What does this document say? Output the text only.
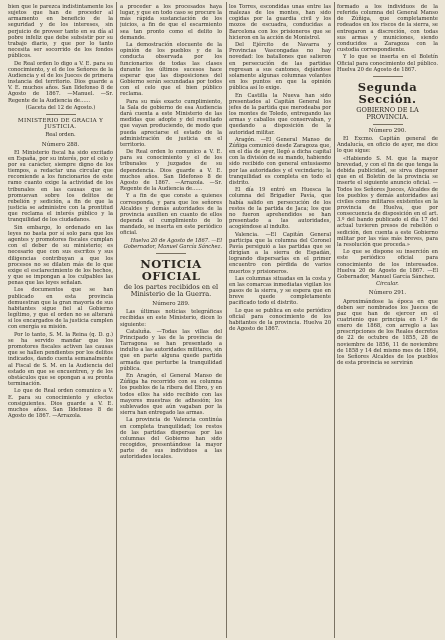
bien que le parezca indistintamente los sujetos que han de proceder al armamento en beneficio de la seguridad y de los intereses, sin perjuicio de proveer tanto en su día al pobre infeliz que debe subsistir por su trabajo diario, y que por lo tanto necesita ser socorrido de los fondos públicos.

De Real orden lo digo a V. E. para su conocimiento, y el de los Señores de la Audiencia y el de los Jueces de primera instancia del territorio. Dios guarde a V. E. muchos años. San Ildefonso 8 de Agosto de 1867. —Manuel. —Sr. Regente de la Audiencia de......

(Gaceta del 12 de Agosto.)

MINISTERIO DE GRACIA Y JUSTICIA.

Real orden.

Número 288.

El Ministerio fiscal ha sido excitado en España, por su interés, por el celo y por su carácter, siempre digno de los tiempos, a redactar una circular que recomiende a los funcionarios de este ramo cuanto exige la actividad de los tribunales en las causas que se promuevan sobre los delitos de rebelión y sedición, a fin de que la justicia se administre con la prontitud que reclama el interés público y la tranquilidad de los ciudadanos.

Sin embargo, lo ordenado en las leyes no basta por sí solo para que los agentes y promotores fiscales cumplan con el deber de su ministerio; es necesario que con sus escritos y sus diligencias contribuyan a que los procesos no se dilaten más de lo que exige el esclarecimiento de los hechos, y que se impongan a los culpables las penas que las leyes señalan.

Los documentos que se han publicado en esta provincia demuestran que la gran mayoría de sus habitantes sigue fiel al Gobierno legítimo, y que el orden no se alterará si los encargados de la justicia cumplen con energía su misión.

Por lo tanto, S. M. la Reina (q. D. g.) se ha servido mandar que los promotores fiscales activen las causas que se hallen pendientes por los delitos indicados, dando cuenta semanalmente al Fiscal de S. M. en la Audiencia del estado en que se encuentren, y de los obstáculos que se opongan a su pronta terminación.

Lo que de Real orden comunico a V. E. para su conocimiento y efectos consiguientes. Dios guarde a V. E. muchos años. San Ildefonso 8 de Agosto de 1867. —Arrazola.

a proceder a los procesados haya lugar, y que en todo caso se procure la más rápida sustanciación de los juicios, a fin de que el escarmiento sea tan pronto como el delito lo demande.

La demostración elocuente de la opinión de los pueblos y de la conducta observada por los funcionarios de todas las clases durante los últimos sucesos hace esperar que las disposiciones del Gobierno serán secundadas por todos con el celo que el bien público reclama.

Para su más exacto cumplimiento, la Sala de gobierno de esa Audiencia dará cuenta a este Ministerio de las medidas que adopte y del resultado que vayan produciendo, de modo que pueda apreciarse el estado de la administración de justicia en el territorio.

De Real orden lo comunico a V. E. para su conocimiento y el de los tribunales y juzgados de su dependencia. Dios guarde a V. E. muchos años. San Ildefonso 8 de Agosto de 1867. —Arrazola. —Sr. Regente de la Audiencia de......

Y a fin de que conste a quienes corresponda, y para que los señores Alcaldes y demás autoridades de la provincia auxilien en cuanto de ellos dependa el cumplimiento de lo mandado, se inserta en este periódico oficial.

Huelva 20 de Agosto de 1867. —El Gobernador, Manuel García Sánchez.

NOTICIA OFICIAL

de los partes recibidos en el Ministerio de la Guerra.

Número 289.

Las últimas noticias telegráficas recibidas en este Ministerio, dicen lo siguiente:

Cataluña. —Todas las villas del Principado y las de la provincia de Tarragona se han presentado a indulto a las autoridades militares, sin que en parte alguna quede partida armada que perturbe la tranquilidad pública.

En Aragón, el General Manso de Zúñiga ha recorrido con su columna los pueblos de la ribera del Ebro, y en todos ellos ha sido recibido con las mayores muestras de adhesión; los sublevados que aún vagaban por la sierra han entregado las armas.

La provincia de Valencia continúa en completa tranquilidad; los restos de las partidas dispersas por las columnas del Gobierno han sido recogidos, presentándose la mayor parte de sus individuos a las autoridades locales.

los Torres, escondidas unas entre las malezas de los montes, han sido cogidas por la guardia civil y los mozos de escuadra, conducidas a Barcelona con los prisioneros que se hicieron en la acción de Monistrol.

Del Ejército de Navarra y Provincias Vascongadas no hay novedad: los batallones que salieron en persecución de las partidas regresan a sus cantones, dejándose solamente algunas columnas volantes en los puntos en que la opinión pública así lo exige.

En Castilla la Nueva han sido presentados al Capitán General los jefes de la partida que merodeaba por los montes de Toledo, entregando las armas y caballos que conservaban, y quedando a disposición de la autoridad militar.

Aragón. —El General Manso de Zúñiga comunicó desde Zaragoza que, en el día de ayer, llegó a dicha capital con la división de su mando, habiendo sido recibido con general entusiasmo por las autoridades y el vecindario; la tranquilidad es completa en todo el distrito.

El día 19 entró en Huesca la columna del Brigadier Pavía, que había salido en persecución de los restos de la partida de Jaca; los que no fueron aprehendidos se han presentado a las autoridades, acogiéndose al indulto.

Valencia. —El Capitán General participa que la columna del Coronel Pavía persiguió a las partidas que se dirigían a la sierra de Espadán, logrando dispersarlas en el primer encuentro con pérdida de varios muertos y prisioneros.

Las columnas situadas en la costa y en las comarcas inmediatas vigilan los pasos de la sierra, y se espera que en breve quede completamente pacificado todo el distrito.

Lo que se publica en este periódico oficial para conocimiento de los habitantes de la provincia. Huelva 20 de Agosto de 1867.

formado a los individuos de la referida columna del General Manso de Zúñiga, que completamente rodeados en los riscos de la sierra, se entregaron a discreción, con todas sus armas y municiones, siendo conducidos a Zaragoza con la custodia correspondiente.

Y lo que se inserta en el Boletín Oficial para conocimiento del público. Huelva 20 de Agosto de 1867.

Segunda Sección.

GOBIERNO DE LA PROVINCIA.

Número 290.

El Excmo. Capitán general de Andalucía, en oficio de ayer, me dice lo que sigue:

«Habiendo S. M. que la mayor brevedad, y con el fin de que tenga la debida publicidad, se sirva disponer que en el Boletín de la provincia se inserte el siguiente anuncio oficial. —Todos los Señores Jueces, Alcaldes de los pueblos y demás autoridades así civiles como militares existentes en la provincia de Huelva, que por consecuencia de disposición en el art. 3.º del bando publicado el día 17 del actual tuvieren presos de rebelión o sedición, den cuenta a este Gobierno militar por las vías más breves, para la resolución que proceda.»

Lo que se dispone su inserción en este periódico oficial para conocimiento de los interesados. Huelva 20 de Agosto de 1867. —El Gobernador, Manuel García Sánchez.

Circular.

Número 291.

Aproximándose la época en que deben ser nombrados los Jueces de paz que han de ejercer en el cuatrienio que principia en 1.º de enero de 1868, con arreglo a las prescripciones de los Reales decretos de 22 de octubre de 1855, 28 de noviembre de 1856, 11 de noviembre de 1858 y 14 del mismo mes de 1864, los Señores Alcaldes de los pueblos de esta provincia se servirán
